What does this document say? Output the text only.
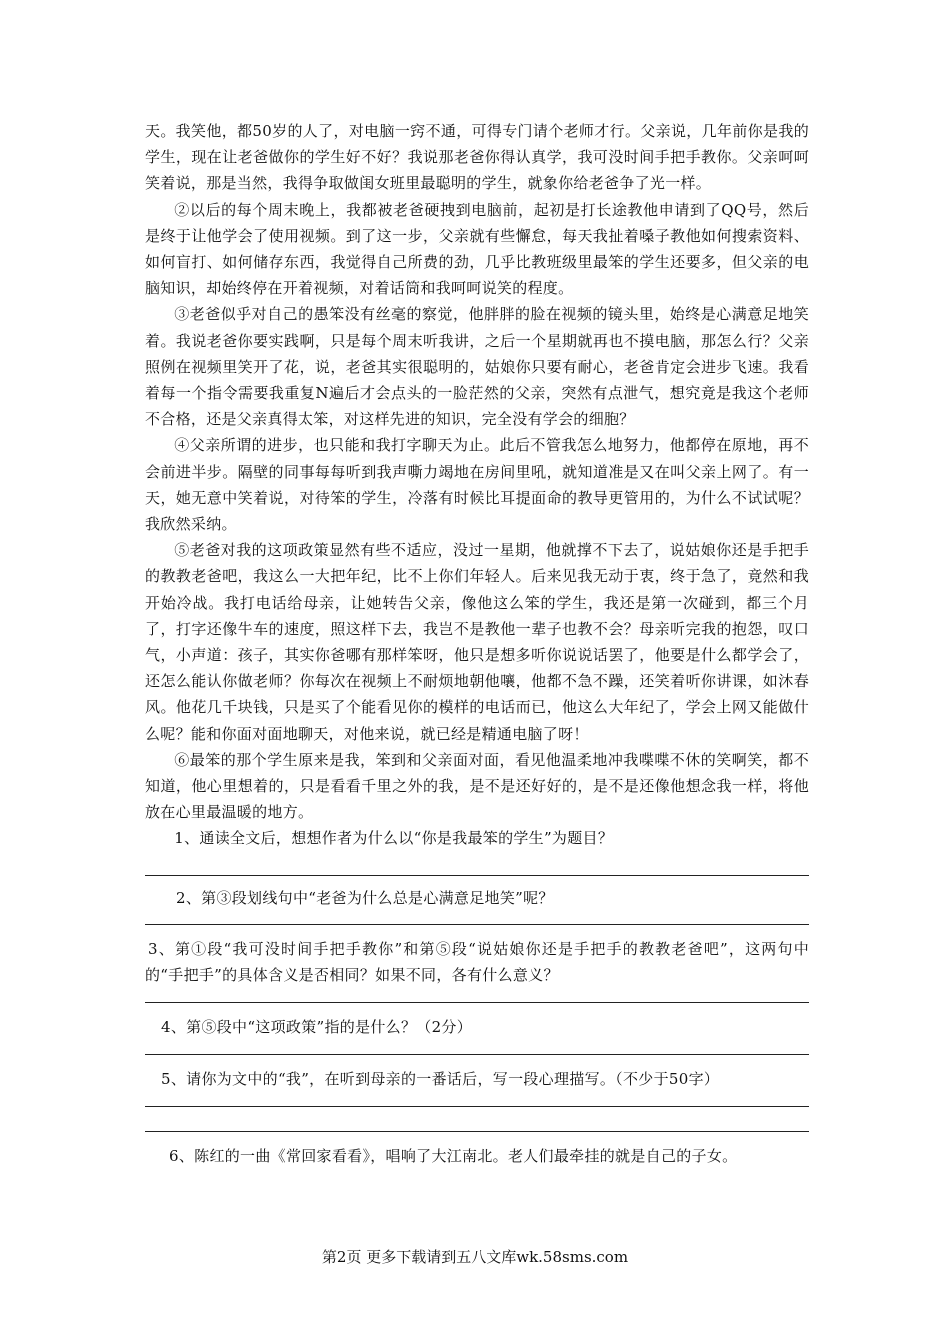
天。我笑他，都50岁的人了，对电脑一窍不通，可得专门请个老师才行。父亲说，几年前你是我的学生，现在让老爸做你的学生好不好？我说那老爸你得认真学，我可没时间手把手教你。父亲呵呵笑着说，那是当然，我得争取做闺女班里最聪明的学生，就象你给老爸争了光一样。

②以后的每个周末晚上，我都被老爸硬拽到电脑前，起初是打长途教他申请到了QQ号，然后是终于让他学会了使用视频。到了这一步，父亲就有些懈怠，每天我扯着嗓子教他如何搜索资料、如何盲打、如何储存东西，我觉得自己所费的劲，几乎比教班级里最笨的学生还要多，但父亲的电脑知识，却始终停在开着视频，对着话筒和我呵呵说笑的程度。

③老爸似乎对自己的愚笨没有丝毫的察觉，他胖胖的脸在视频的镜头里，始终是心满意足地笑着。我说老爸你要实践啊，只是每个周末听我讲，之后一个星期就再也不摸电脑，那怎么行？父亲照例在视频里笑开了花，说，老爸其实很聪明的，姑娘你只要有耐心，老爸肯定会进步飞速。我看着每一个指令需要我重复N遍后才会点头的一脸茫然的父亲，突然有点泄气，想究竟是我这个老师不合格，还是父亲真得太笨，对这样先进的知识，完全没有学会的细胞？

④父亲所谓的进步，也只能和我打字聊天为止。此后不管我怎么地努力，他都停在原地，再不会前进半步。隔壁的同事每每听到我声嘶力竭地在房间里吼，就知道准是又在叫父亲上网了。有一天，她无意中笑着说，对待笨的学生，冷落有时候比耳提面命的教导更管用的，为什么不试试呢？我欣然采纳。

⑤老爸对我的这项政策显然有些不适应，没过一星期，他就撑不下去了，说姑娘你还是手把手的教教老爸吧，我这么一大把年纪，比不上你们年轻人。后来见我无动于衷，终于急了，竟然和我开始冷战。我打电话给母亲，让她转告父亲，像他这么笨的学生，我还是第一次碰到，都三个月了，打字还像牛车的速度，照这样下去，我岂不是教他一辈子也教不会？母亲听完我的抱怨，叹口气，小声道：孩子，其实你爸哪有那样笨呀，他只是想多听你说说话罢了，他要是什么都学会了，还怎么能认你做老师？你每次在视频上不耐烦地朝他嚷，他都不急不躁，还笑着听你讲课，如沐春风。他花几千块钱，只是买了个能看见你的模样的电话而已，他这么大年纪了，学会上网又能做什么呢？能和你面对面地聊天，对他来说，就已经是精通电脑了呀！

⑥最笨的那个学生原来是我，笨到和父亲面对面，看见他温柔地冲我喋喋不休的笑啊笑，都不知道，他心里想着的，只是看看千里之外的我，是不是还好好的，是不是还像他想念我一样，将他放在心里最温暖的地方。

1、通读全文后，想想作者为什么以“你是我最笨的学生”为题目？

2、第③段划线句中“老爸为什么总是心满意足地笑”呢？

3、第①段“我可没时间手把手教你”和第⑤段“说姑娘你还是手把手的教教老爸吧”，这两句中的“手把手”的具体含义是否相同？如果不同，各有什么意义？

4、第⑤段中“这项政策”指的是什么？（2分）

5、请你为文中的“我”，在听到母亲的一番话后，写一段心理描写。（不少于50字）

6、陈红的一曲《常回家看看》，唱响了大江南北。老人们最牵挂的就是自己的子女。

第2页 更多下载请到五八文库wk.58sms.com
